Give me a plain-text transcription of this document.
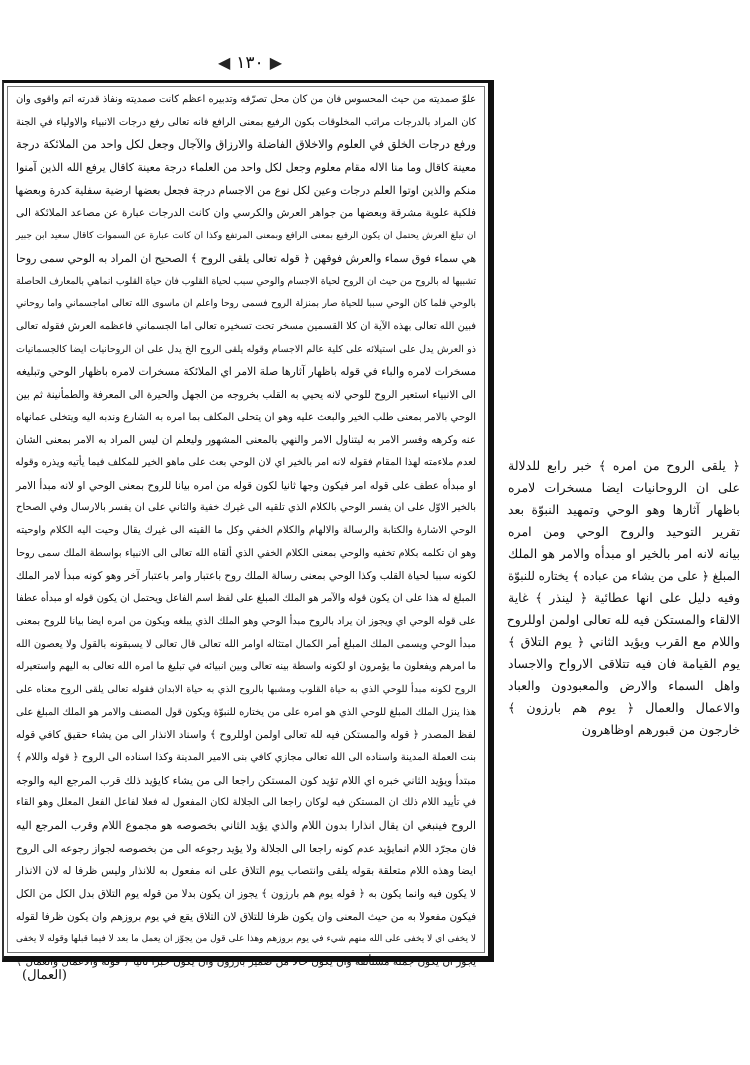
◀ ١٣٠ ▶
علوّ صمديته من حيث المحسوس فان من كان محل تصرّفه وتدبيره اعظم كانت صمديته ونفاذ قدرته اتم واقوى وان
كان المراد بالدرجات مراتب المخلوقات بكون الرفيع بمعنى الرافع فانه تعالى رفع درجات الانبياء والاولياء في الجنة
ورفع درجات الخلق في العلوم والاخلاق الفاضلة والارزاق والآجال وجعل لكل واحد من الملائكة درجة
معينة كاقال وما منا الاله مقام معلوم وجعل لكل واحد من العلماء درجة معينة كاقال يرفع الله الذين آمنوا
منكم والذين اوتوا العلم درجات وعين لكل نوع من الاجسام درجة فجعل بعضها ارضية سفلية كدرة وبعضها
فلكية علوية مشرقة وبعضها من جواهر العرش والكرسي وان كانت الدرجات عبارة عن مصاعد الملائكة الى
ان تبلغ العرش يحتمل ان يكون الرفيع بمعنى الرافع وبمعنى المرتفع وكذا ان كانت عبارة عن السموات كاقال سعيد ابن جبير
هي سماء فوق سماء والعرش فوقهن ﴿ قوله تعالى يلقى الروح ﴾ الصحيح ان المراد به الوحي سمى روحا
تشبيها له بالروح من حيث ان الروح لحياة الاجسام والوحي سبب لحياة القلوب فان حياة القلوب انماهي بالمعارف الحاصلة
بالوحي فلما كان الوحي سببا للحياة صار بمنزلة الروح فسمى روحا واعلم ان ماسوى الله تعالى اماجسماني واما روحاني
فبين الله تعالى بهذه الآية ان كلا القسمين مسخر تحت تسخيره تعالى اما الجسماني فاعظمه العرش فقوله تعالى
ذو العرش يدل على استيلائه على كلية عالم الاجسام وقوله يلقى الروح الخ يدل على ان الروحانيات ايضا كالجسمانيات
مسخرات لامره والباء في قوله باظهار آثارها صلة الامر اي الملائكة مسخرات لامره باظهار الوحي وتبليغه
الى الانبياء استعير الروح للوحي لانه يحيي به القلب بخروجه من الجهل والحيرة الى المعرفة والطمأنينة ثم بين
الوحي بالامر بمعنى طلب الخير والبعث عليه وهو ان يتحلى المكلف بما امره به الشارع وندبه اليه ويتخلى عمانهاه
عنه وكرهه وفسر الامر به ليتناول الامر والنهي بالمعنى المشهور وليعلم ان ليس المراد به الامر بمعنى الشان
لعدم ملاءمته لهذا المقام فقوله لانه امر بالخير اي لان الوحي بعث على ماهو الخير للمكلف فيما يأتيه ويذره وقوله
او مبدأه عطف على قوله امر فيكون وجها ثانيا لكون قوله من امره بيانا للروح بمعنى الوحي او لانه مبدأ الامر
بالخير الاوّل على ان يفسر الوحي بالكلام الذي تلقيه الى غيرك خفية والثاني على ان يفسر بالارسال وفي الصحاح
الوحي الاشارة والكتابة والرسالة والالهام والكلام الخفي وكل ما القيته الى غيرك يقال وحيت اليه الكلام واوحيته
وهو ان تكلمه بكلام تخفيه والوحي بمعنى الكلام الخفي الذي ألقاه الله تعالى الى الانبياء بواسطة الملك سمى روحا
لكونه سببا لحياة القلب وكذا الوحي بمعنى رسالة الملك روح باعتبار وامر باعتبار آخر وهو كونه مبدأ لامر الملك
المبلغ له هذا على ان يكون قوله والآمر هو الملك المبلغ على لفظ اسم الفاعل ويحتمل ان يكون قوله او مبدأه عطفا
على قوله الوحي اي ويجوز ان يراد بالروح مبدأ الوحي وهو الملك الذي يبلغه ويكون من امره ايضا بيانا للروح بمعنى
مبدأ الوحي ويسمى الملك المبلغ أمر الكمال امتثاله اوامر الله تعالى قال تعالى لا يسبقونه بالقول ولا يعصون الله
ما امرهم ويفعلون ما يؤمرون او لكونه واسطة بينه تعالى وبين انبيائه في تبليغ ما امره الله تعالى به اليهم واستعيرله
الروح لكونه مبدأ للوحي الذي به حياة القلوب ومشبها بالروح الذي به حياة الابدان فقوله تعالى يلقى الروح معناه على
هذا ينزل الملك المبلغ للوحي الذي هو امره على من يختاره للنبوّة ويكون قول المصنف والامر هو الملك المبلغ على
لفظ المصدر ﴿ قوله والمستكن فيه لله تعالى اولمن اوللروح ﴾ واسناد الانذار الى من يشاء حقيق كافي قوله
بنت العملة المدينة واسناده الى الله تعالى مجازي كافي بنى الامير المدينة وكذا اسناده الى الروح ﴿ قوله واللام ﴾
مبتدأ ويؤيد الثاني خبره اي اللام تؤيد كون المستكن راجعا الى من يشاء كايؤيد ذلك قرب المرجع اليه والوجه
في تأييد اللام ذلك ان المستكن فيه لوكان راجعا الى الجلالة لكان المفعول له فعلا لفاعل الفعل المعلل وهو القاء
الروح فينبغي ان يقال انذارا بدون اللام والذي يؤيد الثاني بخصوصه هو مجموع اللام وقرب المرجع اليه
فان مجرّد اللام انمايؤيد عدم كونه راجعا الى الجلالة ولا يؤيد رجوعه الى من بخصوصه لجواز رجوعه الى الروح
ايضا وهذه اللام متعلقة بقوله يلقى وانتصاب يوم التلاق على انه مفعول به للانذار وليس ظرفا له لان الانذار
لا يكون فيه وانما يكون به ﴿ قوله يوم هم بارزون ﴾ يجوز ان يكون بدلا من قوله يوم التلاق بدل الكل من الكل
فيكون مفعولا به من حيث المعنى وان يكون ظرفا للتلاق لان التلاق يقع في يوم بروزهم وان يكون ظرفا لقوله
لا يخفى اي لا يخفى على الله منهم شيء في يوم بروزهم وهذا على قول من يجوّز ان يعمل ما بعد لا فيما قبلها وقوله لا يخفى
يجوز ان يكون جملة مستأنفة وان يكون حالا من ضمير بارزون وان يكون خبرا ثانيا ﴿ قوله والاعمال والعمال ﴾
﴿ يلقى الروح من امره ﴾ خبر رابع للدلالة
على ان الروحانيات ايضا مسخرات لامره
باظهار آثارها وهو الوحي وتمهيد النبوّة بعد
تقرير التوحيد والروح الوحي ومن امره
بيانه لانه امر بالخير او مبدأه والامر هو الملك
المبلغ ﴿ على من يشاء من عباده ﴾ يختاره للنبوّة
وفيه دليل على انها عطائية ﴿ لينذر ﴾ غاية
الالقاء والمستكن فيه لله تعالى اولمن اوللروح
واللام مع القرب ويؤيد الثاني ﴿ يوم التلاق ﴾
يوم القيامة فان فيه تتلاقى الارواح والاجساد
واهل السماء والارض والمعبودون والعباد
والاعمال والعمال ﴿ يوم هم بارزون ﴾
خارجون من قبورهم اوظاهرون
(العمال)
